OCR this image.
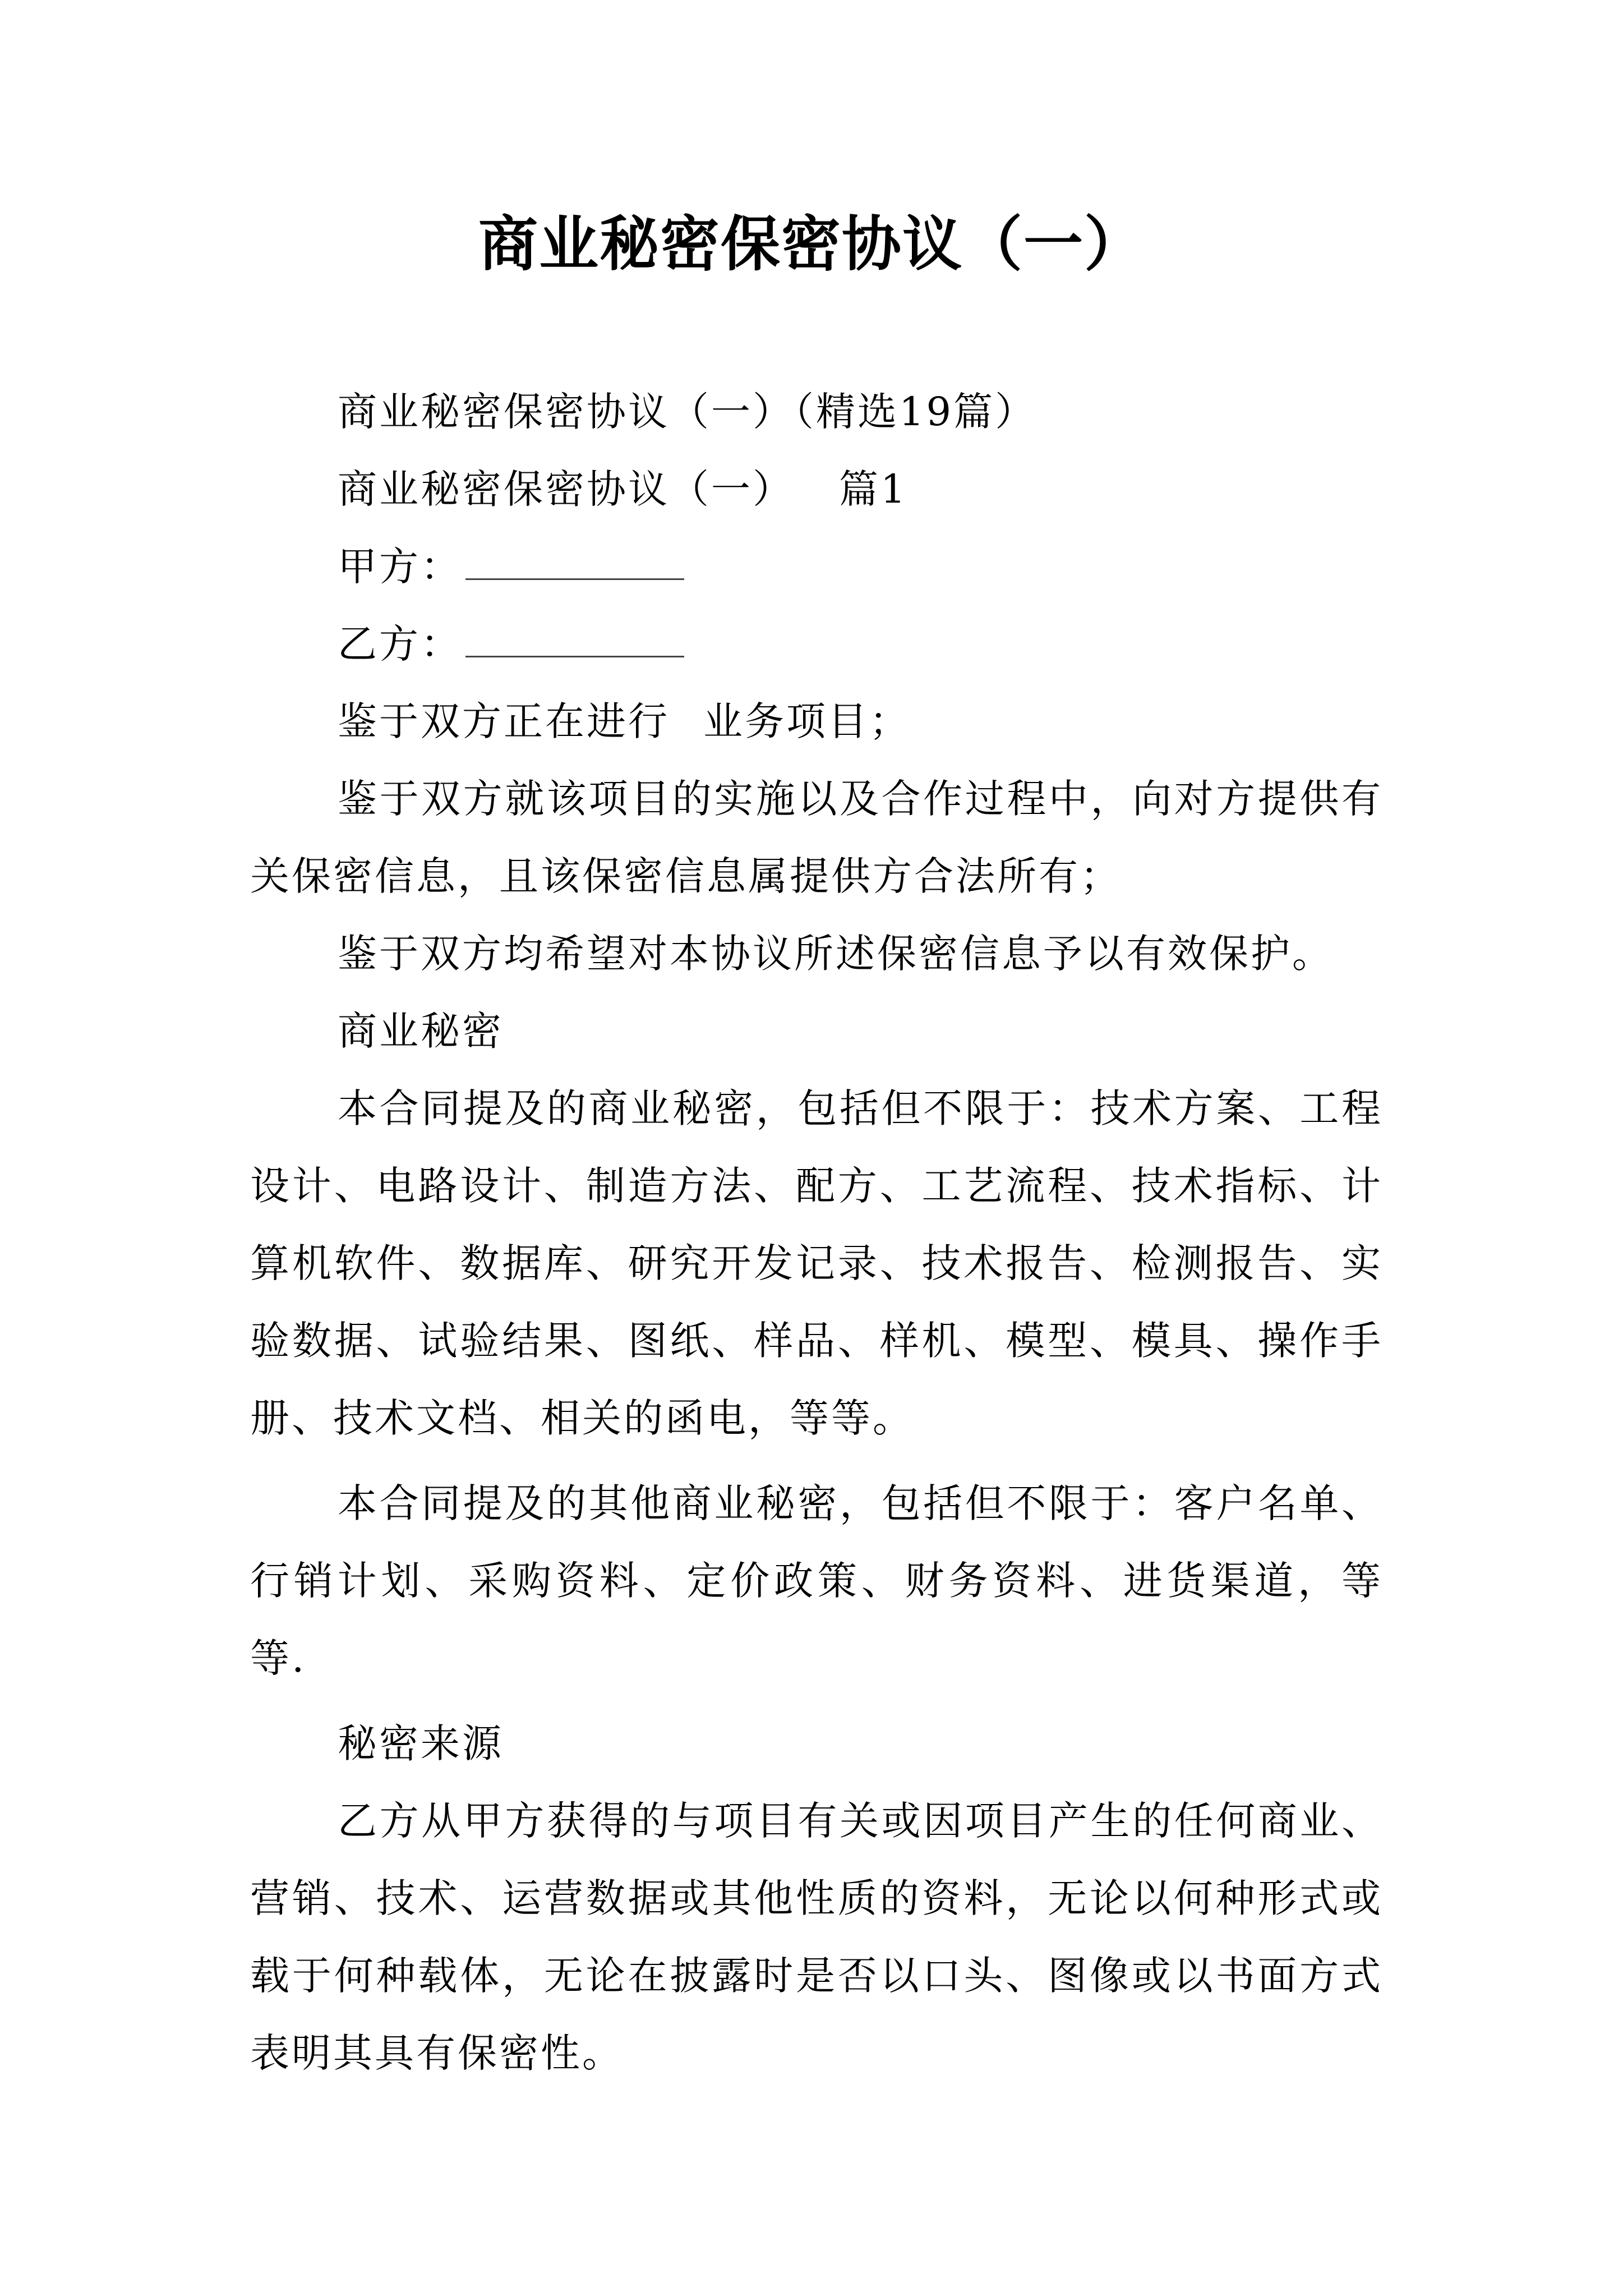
商业秘密保密协议（一）

商业秘密保密协议（一）（精选19篇）

商业秘密保密协议（一） 篇1

甲方：

乙方：

鉴于双方正在进行 业务项目；

鉴于双方就该项目的实施以及合作过程中，向对方提供有关保密信息，且该保密信息属提供方合法所有；

鉴于双方均希望对本协议所述保密信息予以有效保护。

商业秘密

本合同提及的商业秘密，包括但不限于：技术方案、工程设计、电路设计、制造方法、配方、工艺流程、技术指标、计算机软件、数据库、研究开发记录、技术报告、检测报告、实验数据、试验结果、图纸、样品、样机、模型、模具、操作手册、技术文档、相关的函电，等等。

本合同提及的其他商业秘密，包括但不限于：客户名单、行销计划、采购资料、定价政策、财务资料、进货渠道，等等.

秘密来源

乙方从甲方获得的与项目有关或因项目产生的任何商业、营销、技术、运营数据或其他性质的资料，无论以何种形式或载于何种载体，无论在披露时是否以口头、图像或以书面方式表明其具有保密性。
